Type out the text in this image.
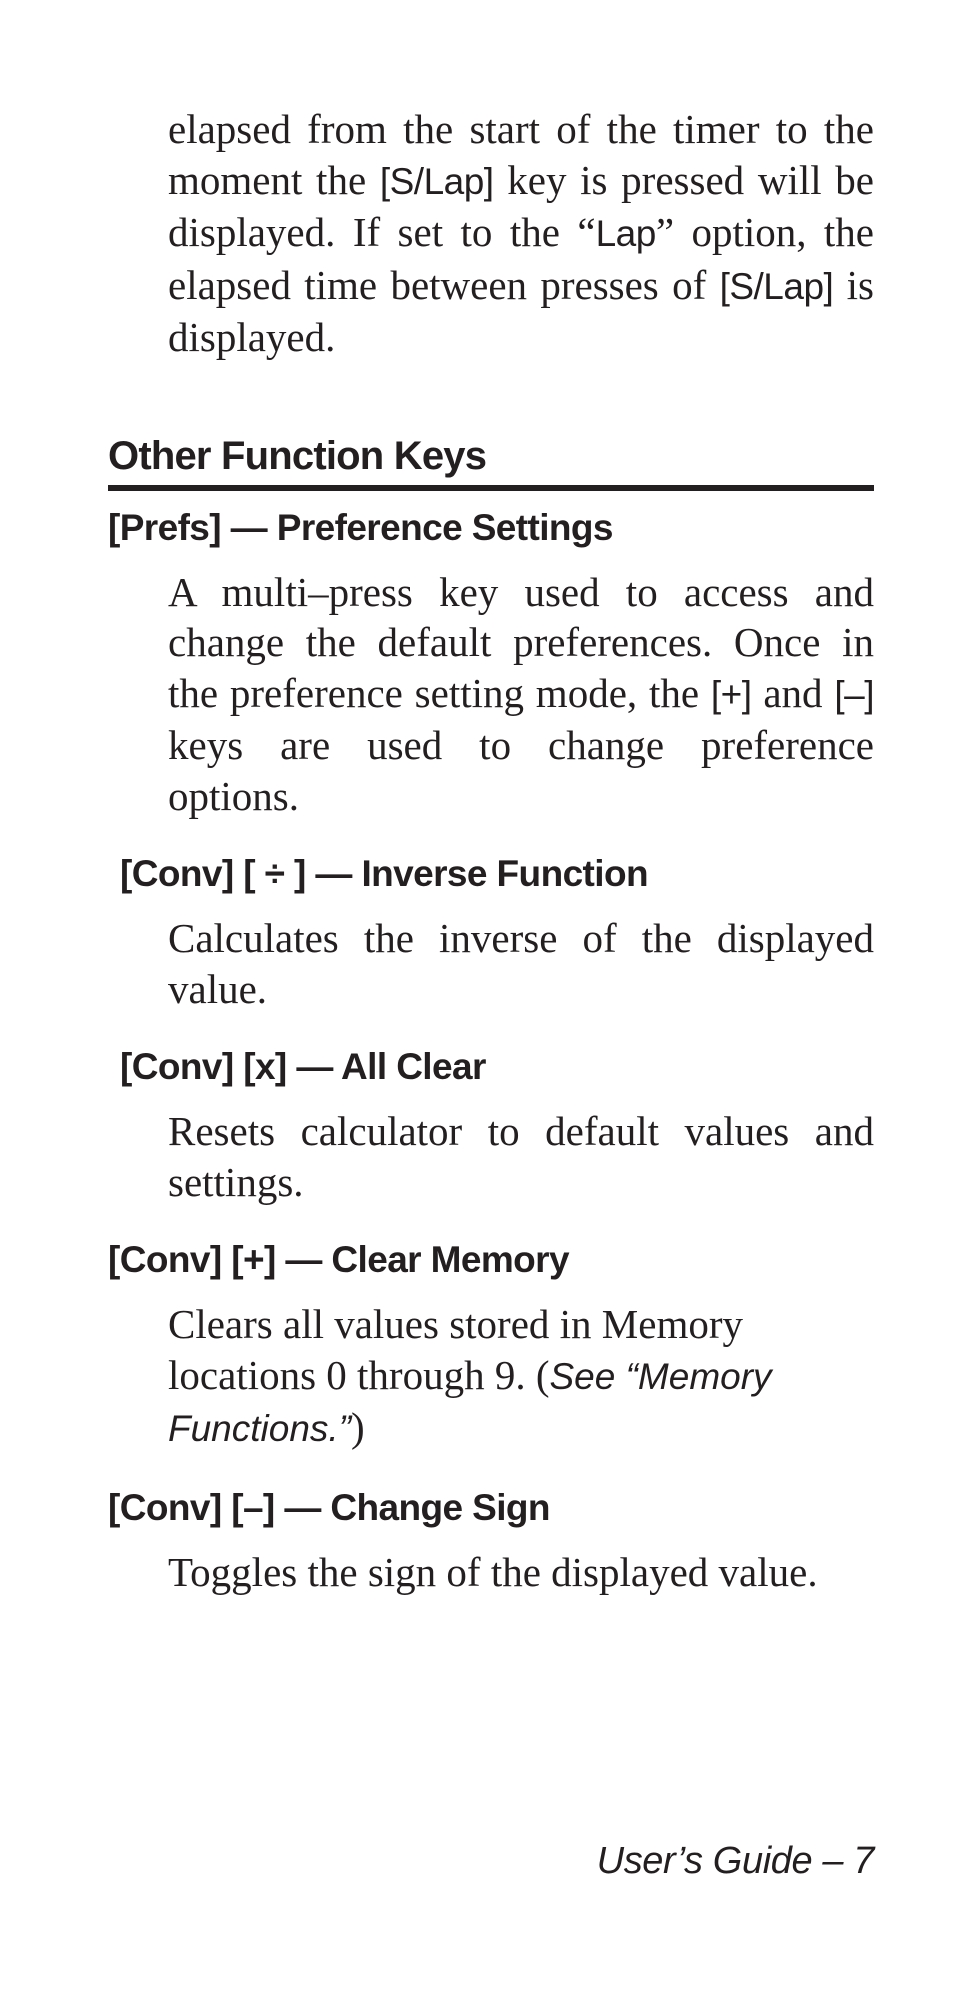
elapsed from the start of the timer to the moment the [S/Lap] key is pressed will be displayed. If set to the “Lap” option, the elapsed time between presses of [S/Lap] is displayed.

Other Function Keys
[Prefs] — Preference Settings

A multi–press key used to access and change the default preferences. Once in the preference setting mode, the [+] and [–] keys are used to change preference options.

[Conv] [ ÷ ] — Inverse Function

Calculates the inverse of the displayed value.

[Conv] [x] — All Clear

Resets calculator to default values and settings.

[Conv] [+] — Clear Memory

Clears all values stored in Memory locations 0 through 9. (See “Memory Functions.”)

[Conv] [–] — Change Sign

Toggles the sign of the displayed value.

User’s Guide – 7
